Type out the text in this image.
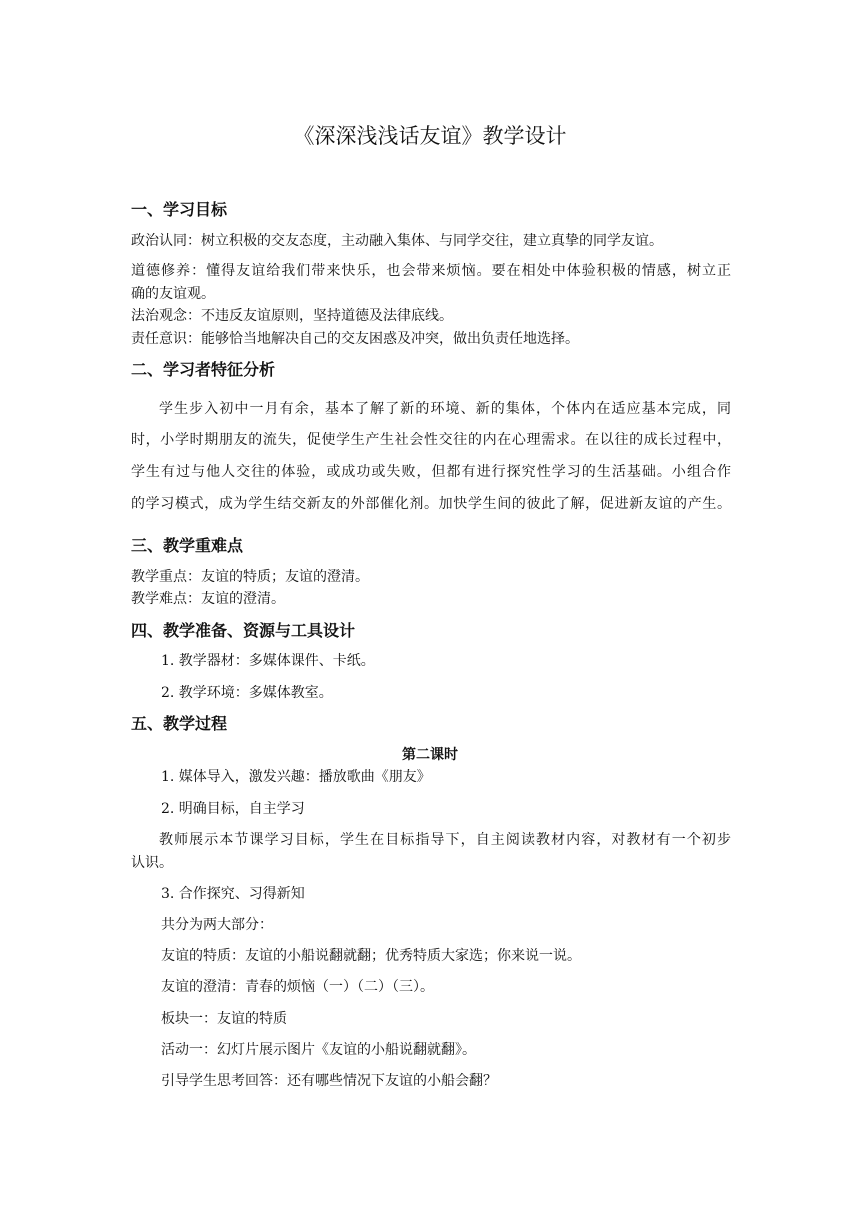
《深深浅浅话友谊》教学设计
一、学习目标
政治认同：树立积极的交友态度，主动融入集体、与同学交往，建立真挚的同学友谊。
道德修养：懂得友谊给我们带来快乐，也会带来烦恼。要在相处中体验积极的情感，树立正
确的友谊观。
法治观念：不违反友谊原则，坚持道德及法律底线。
责任意识：能够恰当地解决自己的交友困惑及冲突，做出负责任地选择。
二、学习者特征分析
学生步入初中一月有余，基本了解了新的环境、新的集体，个体内在适应基本完成，同
时，小学时期朋友的流失，促使学生产生社会性交往的内在心理需求。在以往的成长过程中，
学生有过与他人交往的体验，或成功或失败，但都有进行探究性学习的生活基础。小组合作
的学习模式，成为学生结交新友的外部催化剂。加快学生间的彼此了解，促进新友谊的产生。
三、教学重难点
教学重点：友谊的特质；友谊的澄清。
教学难点：友谊的澄清。
四、教学准备、资源与工具设计
1. 教学器材：多媒体课件、卡纸。
2. 教学环境：多媒体教室。
五、教学过程
第二课时
1. 媒体导入，激发兴趣：播放歌曲《朋友》
2. 明确目标，自主学习
教师展示本节课学习目标，学生在目标指导下，自主阅读教材内容，对教材有一个初步
认识。
3. 合作探究、习得新知
共分为两大部分：
友谊的特质：友谊的小船说翻就翻；优秀特质大家选；你来说一说。
友谊的澄清：青春的烦恼（一）（二）（三）。
板块一：友谊的特质
活动一：幻灯片展示图片《友谊的小船说翻就翻》。
引导学生思考回答：还有哪些情况下友谊的小船会翻？
